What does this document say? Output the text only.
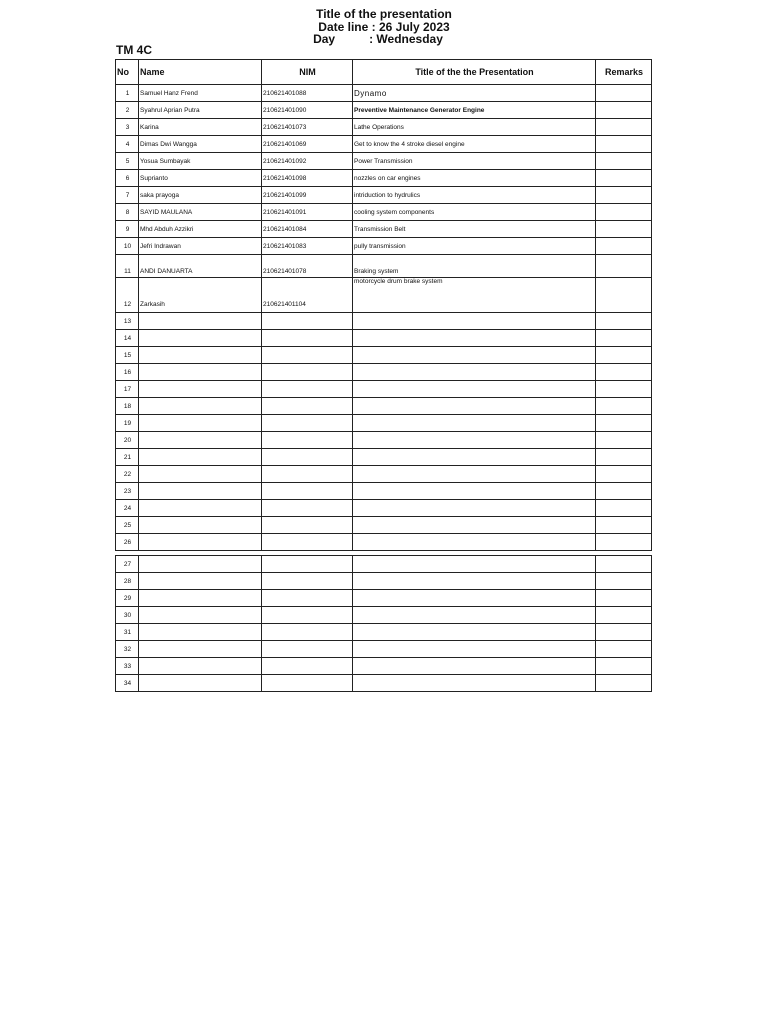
Title of the presentation
Date line : 26 July 2023
Day	: Wednesday
TM 4C
No	Name	NIM	Title of the the Presentation	Remarks
1	Samuel Hanz Frend	210621401088	Dynamo	
2	Syahrul Aprian Putra	210621401090	Preventive Maintenance Generator Engine	
3	Karina	210621401073	Lathe Operations	
4	Dimas Dwi Wangga	210621401069	Get to know the 4 stroke diesel engine	
5	Yosua Sumbayak	210621401092	Power Transmission	
6	Suprianto	210621401098	nozzles on car engines	
7	saka prayoga	210621401099	intriduction to hydrulics	
8	SAYID MAULANA	210621401091	cooling system components	
9	Mhd Abduh Azzikri	210621401084	Transmission Belt	
10	Jefri Indrawan	210621401083	pully transmission	
11	ANDI DANUARTA	210621401078	Braking system	
12	Zarkasih	210621401104	motorcycle drum brake system	

13				
14				
15				
16				
17				
18				
19				
20				
21				
22				
23				
24				
25				
26				
27				
28				
29				
30				
31				
32				
33				
34				
